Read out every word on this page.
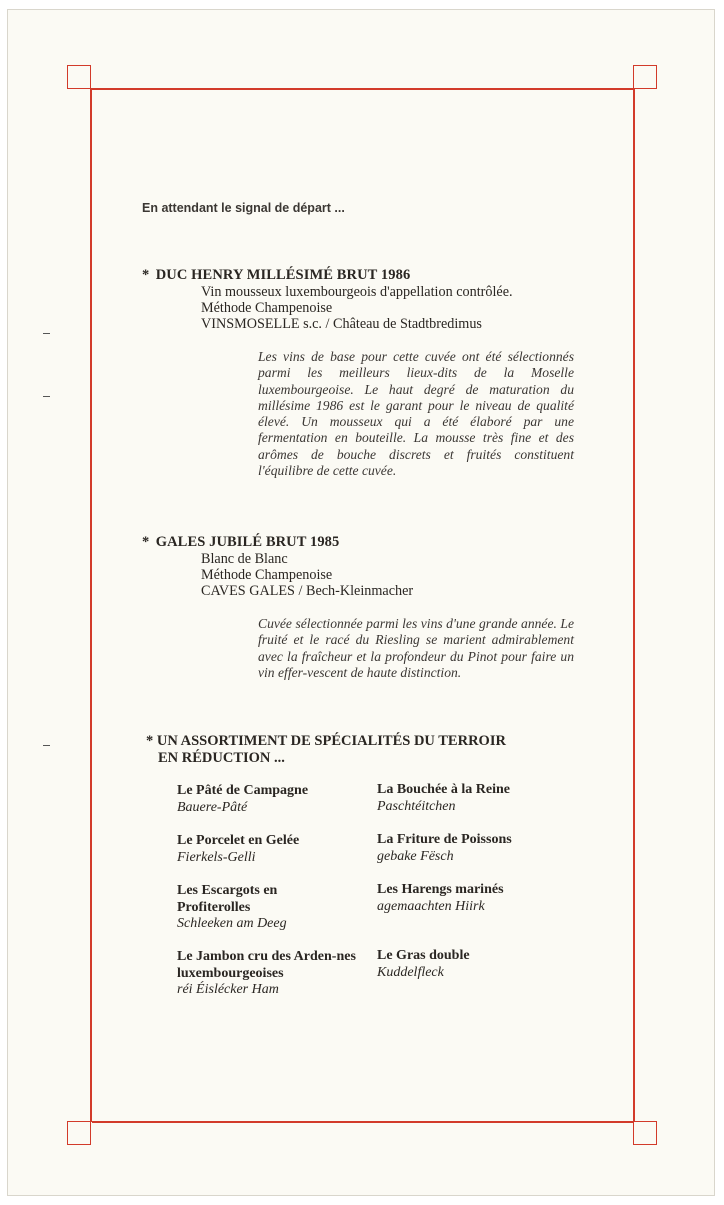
En attendant le signal de départ ...
* DUC HENRY MILLÉSIMÉ BRUT 1986
Vin mousseux luxembourgeois d'appellation contrôlée.
Méthode Champenoise
VINSMOSELLE s.c. / Château de Stadtbredimus
Les vins de base pour cette cuvée ont été sélectionnés parmi les meilleurs lieux-dits de la Moselle luxembourgeoise. Le haut degré de maturation du millésime 1986 est le garant pour le niveau de qualité élevé. Un mousseux qui a été élaboré par une fermentation en bouteille. La mousse très fine et des arômes de bouche discrets et fruités constituent l'équilibre de cette cuvée.
* GALES JUBILÉ BRUT 1985
Blanc de Blanc
Méthode Champenoise
CAVES GALES / Bech-Kleinmacher
Cuvée sélectionnée parmi les vins d'une grande année. Le fruité et le racé du Riesling se marient admirablement avec la fraîcheur et la profondeur du Pinot pour faire un vin effer-vescent de haute distinction.
* UN ASSORTIMENT DE SPÉCIALITÉS DU TERROIR
EN RÉDUCTION ...
Le Pâté de Campagne
Bauere-Pâté
La Bouchée à la Reine
Paschtéitchen
Le Porcelet en Gelée
Fierkels-Gelli
La Friture de Poissons
gebake Fësch
Les Escargots en Profiterolles
Schleeken am Deeg
Les Harengs marinés
agemaachten Hiirk
Le Jambon cru des Arden-nes luxembourgeoises
réi Éislécker Ham
Le Gras double
Kuddelfleck
